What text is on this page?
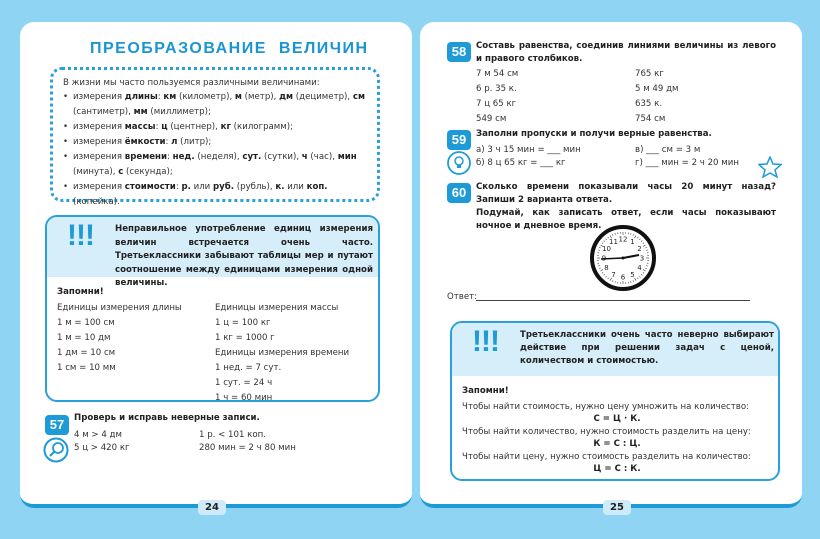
ПРЕОБРАЗОВАНИЕ ВЕЛИЧИН
В жизни мы часто пользуемся различными величинами:
• измерения длины: км (километр), м (метр), дм (дециметр), см (сантиметр), мм (миллиметр);
• измерения массы: ц (центнер), кг (килограмм);
• измерения ёмкости: л (литр);
• измерения времени: нед. (неделя), сут. (сутки), ч (час), мин (минута), с (секунда);
• измерения стоимости: р. или руб. (рубль), к. или коп. (копейка).
!!! Неправильное употребление единиц измерения величин встречается очень часто. Третьеклассники забывают таблицы мер и путают соотношение между единицами измерения одной величины.
Запомни!
Единицы измерения длины
1 м = 100 см
1 м = 10 дм
1 дм = 10 см
1 см = 10 мм
Единицы измерения массы
1 ц = 100 кг
1 кг = 1000 г
Единицы измерения времени
1 нед. = 7 сут.
1 сут. = 24 ч
1 ч = 60 мин
57	Проверь и исправь неверные записи.
4 м > 4 дм
5 ц > 420 кг
1 р. < 101 коп.
280 мин = 2 ч 80 мин
24
58	Составь равенства, соединив линиями величины из левого и правого столбиков.
7 м 54 см
6 р. 35 к.
7 ц 65 кг
549 см
765 кг
5 м 49 дм
635 к.
754 см
59	Заполни пропуски и получи верные равенства.
а) 3 ч 15 мин = ___ мин
б) 8 ц 65 кг = ___ кг
в) ___ см = 3 м
г) ___ мин = 2 ч 20 мин
60	Сколько времени показывали часы 20 минут назад? Запиши 2 варианта ответа.
Подумай, как записать ответ, если часы показывают ночное и дневное время.
12 1
2
3
4
5
6
7
8
10
11
Ответ:
!!! Третьеклассники очень часто неверно выбирают действие при решении задач с ценой, количеством и стоимостью.
Запомни!
Чтобы найти стоимость, нужно цену умножить на количество:
С = Ц · К.
Чтобы найти количество, нужно стоимость разделить на цену:
К = С : Ц.
Чтобы найти цену, нужно стоимость разделить на количество:
Ц = С : К.
25
